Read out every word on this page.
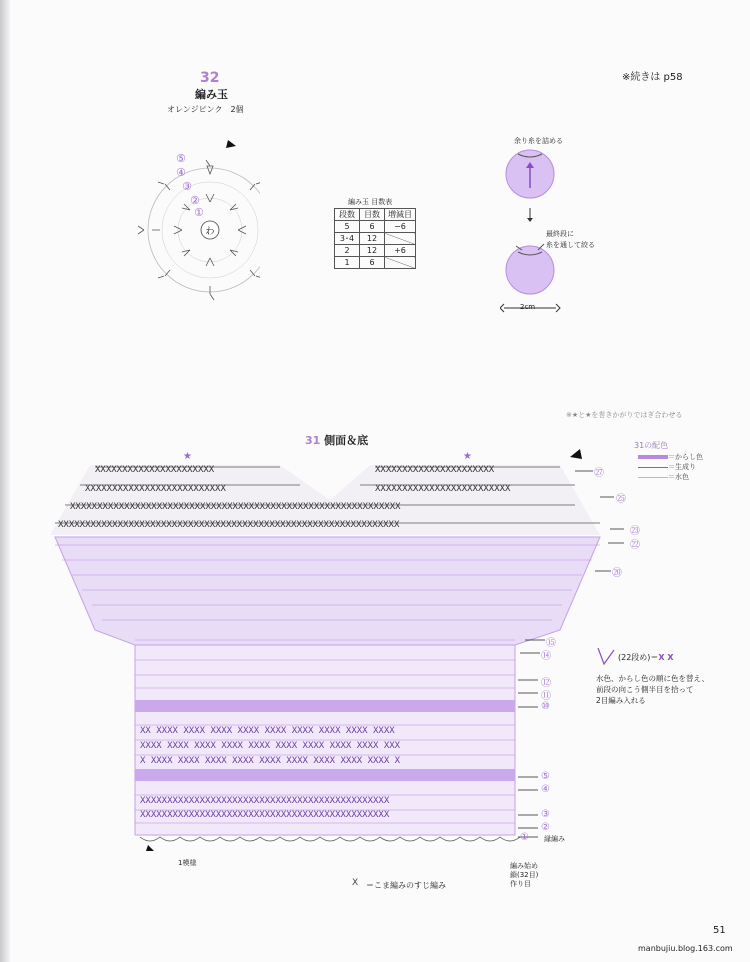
32
編み玉
オレンジピンク　2個
※続きは p58
わ
⑤
④
③
②
①
編み玉 目数表
段数	目数	増減目
5	6	−6
3･4	12	
2	12	+6
1	6	
余り糸を詰める
最終段に
糸を通して絞る
2cm
※★と★を巻きかがりではぎ合わせる
31 側面＆底	31の配色
＝からし色
＝生成り
＝水色
XXXXXXXXXXXXXXXXXXXXXX	XXXXXXXXXXXXXXXXXXXXXX
XXXXXXXXXXXXXXXXXXXXXXXXXX	XXXXXXXXXXXXXXXXXXXXXXXXX
XXXXXXXXXXXXXXXXXXXXXXXXXXXXXXXXXXXXXXXXXXXXXXXXXXXXXXXXXXXXX
XXXXXXXXXXXXXXXXXXXXXXXXXXXXXXXXXXXXXXXXXXXXXXXXXXXXXXXXXXXXXXX
★	★
XX XXXX XXXX XXXX XXXX XXXX XXXX XXXX XXXX XXXX
XXXX XXXX XXXX XXXX XXXX XXXX XXXX XXXX XXXX XXX
X XXXX XXXX XXXX XXXX XXXX XXXX XXXX XXXX XXXX X
XXXXXXXXXXXXXXXXXXXXXXXXXXXXXXXXXXXXXXXXXXXXXX
XXXXXXXXXXXXXXXXXXXXXXXXXXXXXXXXXXXXXXXXXXXXXX
㉗
㉕
㉓
㉒
⑳
⑮
⑭
⑫
⑪
⑩
⑤
④
③
②
① 縁編み
編み始め
鎖(32目)
作り目
1模様
(22段め)＝X X
水色、からし色の順に色を替え、
前段の向こう側半目を拾って
2目編み入れる
X ＝こま編みのすじ編み
51
manbujiu.blog.163.com
